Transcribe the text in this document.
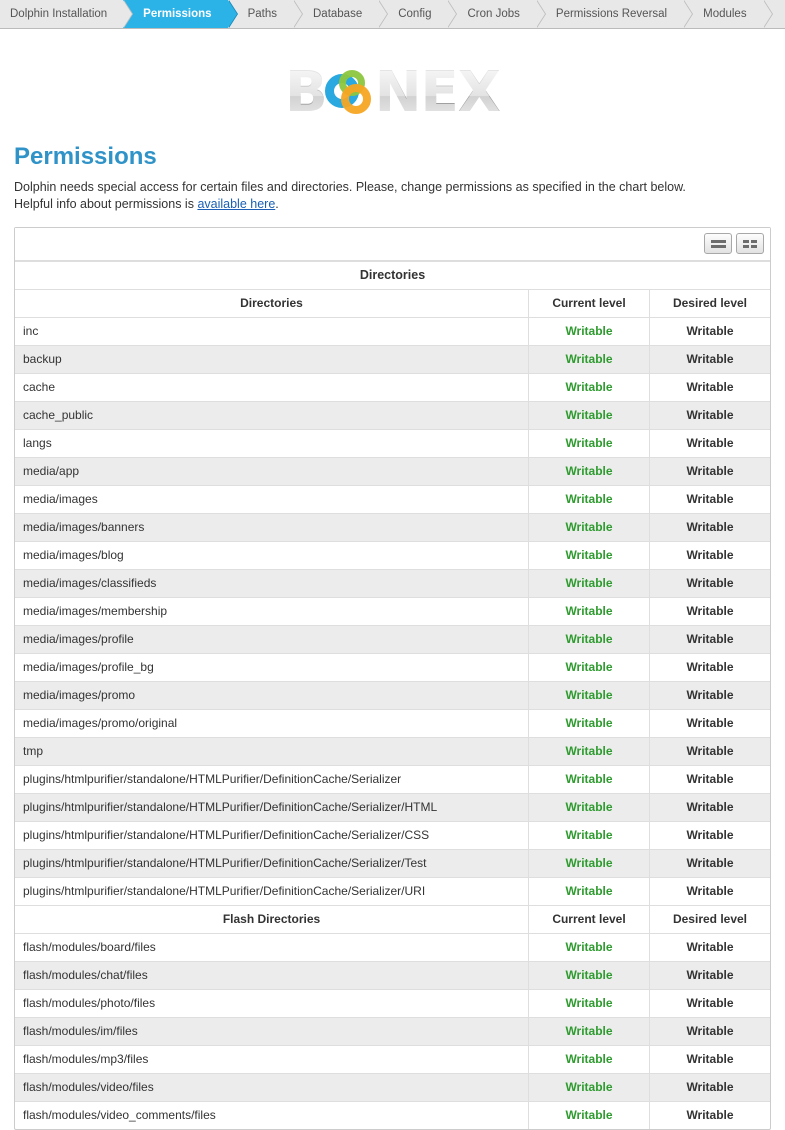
Dolphin Installation	Permissions	Paths	Database	Config	Cron Jobs	Permissions Reversal	Modules
B NEX
Permissions
Dolphin needs special access for certain files and directories. Please, change permissions as specified in the chart below.
Helpful info about permissions is available here.
Directories		
Directories	Current level	Desired level
inc	Writable	Writable
backup	Writable	Writable
cache	Writable	Writable
cache_public	Writable	Writable
langs	Writable	Writable
media/app	Writable	Writable
media/images	Writable	Writable
media/images/banners	Writable	Writable
media/images/blog	Writable	Writable
media/images/classifieds	Writable	Writable
media/images/membership	Writable	Writable
media/images/profile	Writable	Writable
media/images/profile_bg	Writable	Writable
media/images/promo	Writable	Writable
media/images/promo/original	Writable	Writable
tmp	Writable	Writable
plugins/htmlpurifier/standalone/HTMLPurifier/DefinitionCache/Serializer	Writable	Writable
plugins/htmlpurifier/standalone/HTMLPurifier/DefinitionCache/Serializer/HTML	Writable	Writable
plugins/htmlpurifier/standalone/HTMLPurifier/DefinitionCache/Serializer/CSS	Writable	Writable
plugins/htmlpurifier/standalone/HTMLPurifier/DefinitionCache/Serializer/Test	Writable	Writable
plugins/htmlpurifier/standalone/HTMLPurifier/DefinitionCache/Serializer/URI	Writable	Writable
Flash Directories	Current level	Desired level
flash/modules/board/files	Writable	Writable
flash/modules/chat/files	Writable	Writable
flash/modules/photo/files	Writable	Writable
flash/modules/im/files	Writable	Writable
flash/modules/mp3/files	Writable	Writable
flash/modules/video/files	Writable	Writable
flash/modules/video_comments/files	Writable	Writable
